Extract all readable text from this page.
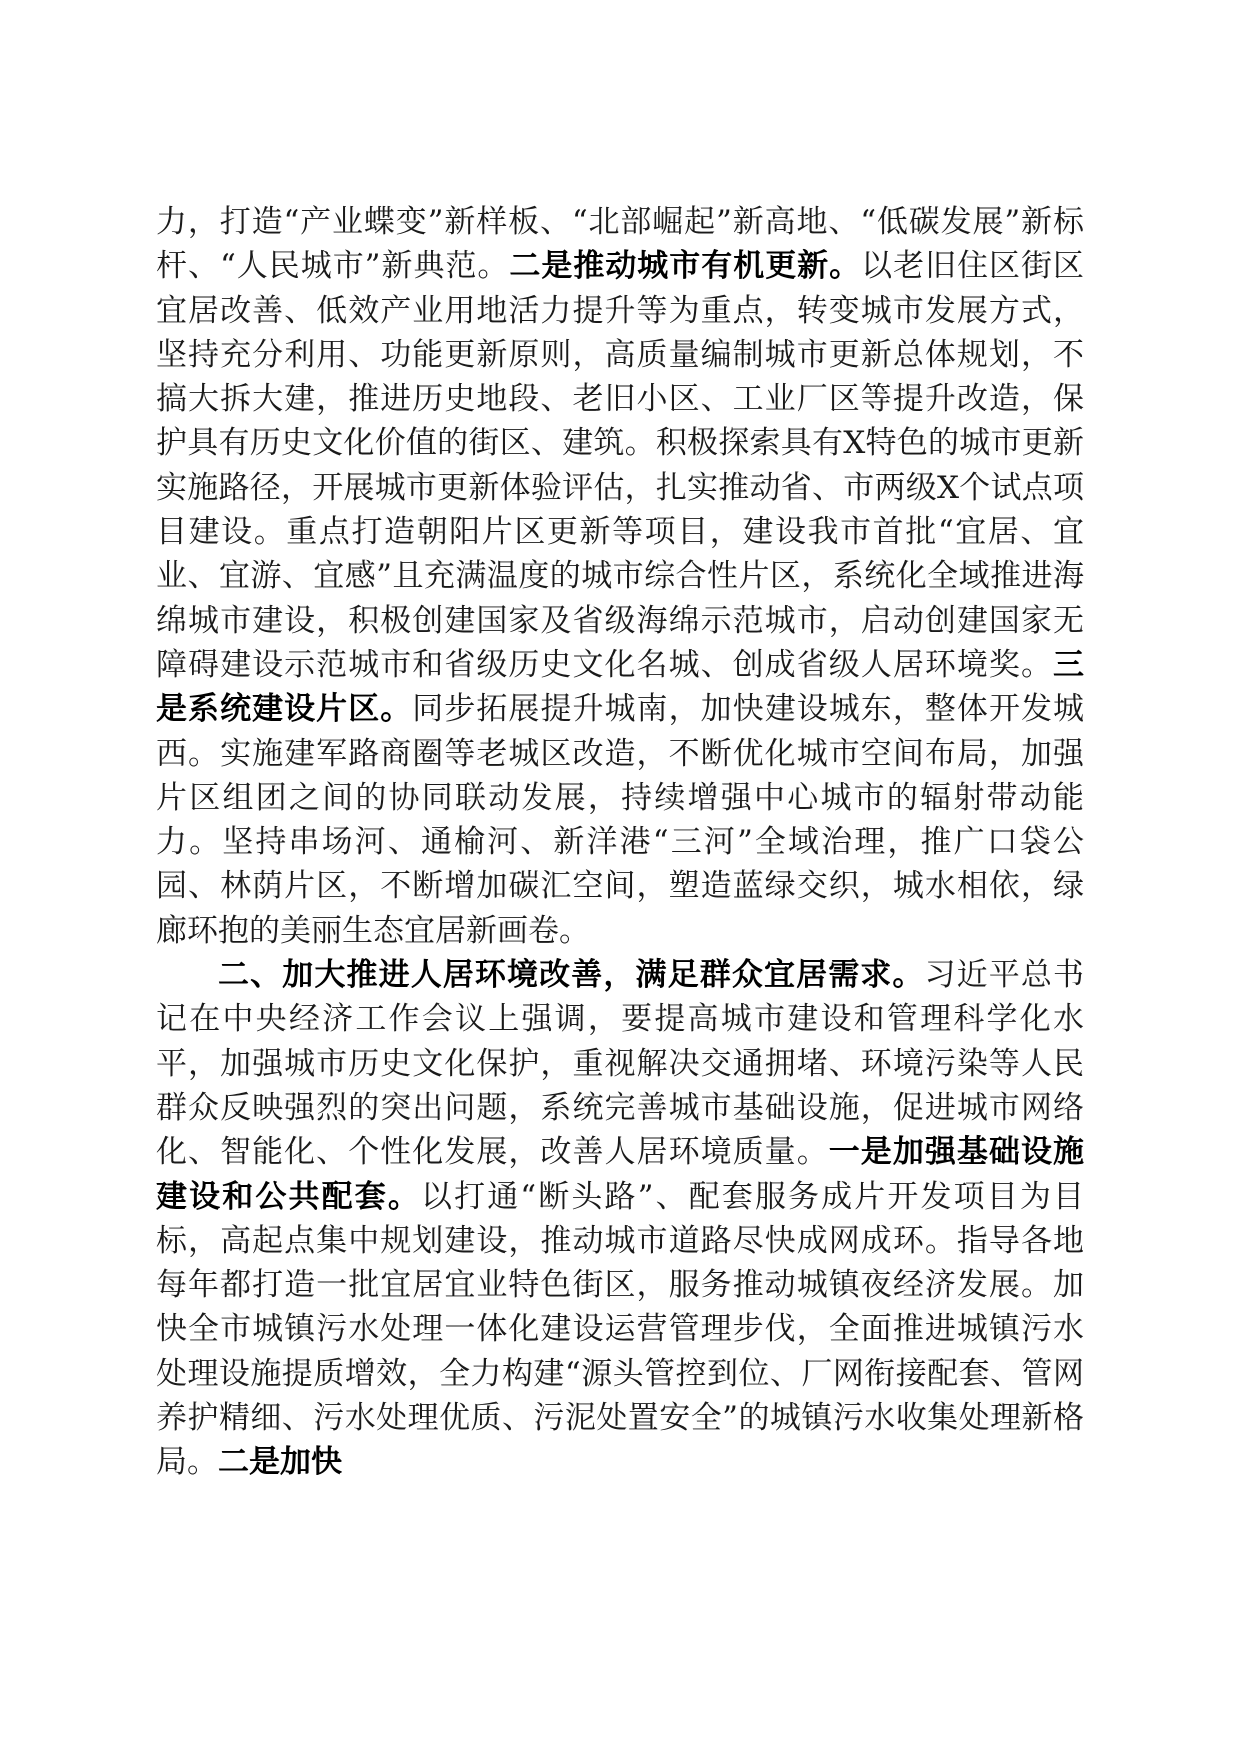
力，打造“产业蝶变”新样板、“北部崛起”新高地、“低碳发展”新标杆、“人民城市”新典范。二是推动城市有机更新。以老旧住区街区宜居改善、低效产业用地活力提升等为重点，转变城市发展方式，坚持充分利用、功能更新原则，高质量编制城市更新总体规划，不搞大拆大建，推进历史地段、老旧小区、工业厂区等提升改造，保护具有历史文化价值的街区、建筑。积极探索具有X特色的城市更新实施路径，开展城市更新体验评估，扎实推动省、市两级X个试点项目建设。重点打造朝阳片区更新等项目，建设我市首批“宜居、宜业、宜游、宜感”且充满温度的城市综合性片区，系统化全域推进海绵城市建设，积极创建国家及省级海绵示范城市，启动创建国家无障碍建设示范城市和省级历史文化名城、创成省级人居环境奖。三是系统建设片区。同步拓展提升城南，加快建设城东，整体开发城西。实施建军路商圈等老城区改造，不断优化城市空间布局，加强片区组团之间的协同联动发展，持续增强中心城市的辐射带动能力。坚持串场河、通榆河、新洋港“三河”全域治理，推广口袋公园、林荫片区，不断增加碳汇空间，塑造蓝绿交织，城水相依，绿廊环抱的美丽生态宜居新画卷。

二、加大推进人居环境改善，满足群众宜居需求。习近平总书记在中央经济工作会议上强调，要提高城市建设和管理科学化水平，加强城市历史文化保护，重视解决交通拥堵、环境污染等人民群众反映强烈的突出问题，系统完善城市基础设施，促进城市网络化、智能化、个性化发展，改善人居环境质量。一是加强基础设施建设和公共配套。以打通“断头路”、配套服务成片开发项目为目标，高起点集中规划建设，推动城市道路尽快成网成环。指导各地每年都打造一批宜居宜业特色街区，服务推动城镇夜经济发展。加快全市城镇污水处理一体化建设运营管理步伐，全面推进城镇污水处理设施提质增效，全力构建“源头管控到位、厂网衔接配套、管网养护精细、污水处理优质、污泥处置安全”的城镇污水收集处理新格局。二是加快
